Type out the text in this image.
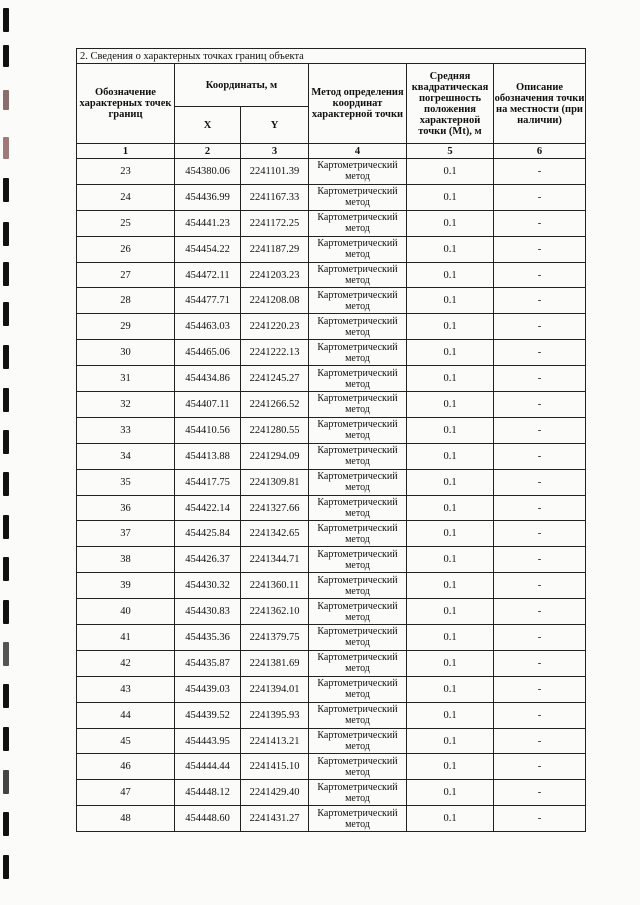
2. Сведения о характерных точках границ объекта					
Обозначение характерных точек границ	Координаты, м		Метод определения координат характерной точки	Средняя квадратическая погрешность положения характерной точки (Mt), м	Описание обозначения точки на местности (при наличии)
	X	Y			
1	2	3	4	5	6
23	454380.06	2241101.39	Картометрический метод	0.1	-
24	454436.99	2241167.33	Картометрический метод	0.1	-
25	454441.23	2241172.25	Картометрический метод	0.1	-
26	454454.22	2241187.29	Картометрический метод	0.1	-
27	454472.11	2241203.23	Картометрический метод	0.1	-
28	454477.71	2241208.08	Картометрический метод	0.1	-
29	454463.03	2241220.23	Картометрический метод	0.1	-
30	454465.06	2241222.13	Картометрический метод	0.1	-
31	454434.86	2241245.27	Картометрический метод	0.1	-
32	454407.11	2241266.52	Картометрический метод	0.1	-
33	454410.56	2241280.55	Картометрический метод	0.1	-
34	454413.88	2241294.09	Картометрический метод	0.1	-
35	454417.75	2241309.81	Картометрический метод	0.1	-
36	454422.14	2241327.66	Картометрический метод	0.1	-
37	454425.84	2241342.65	Картометрический метод	0.1	-
38	454426.37	2241344.71	Картометрический метод	0.1	-
39	454430.32	2241360.11	Картометрический метод	0.1	-
40	454430.83	2241362.10	Картометрический метод	0.1	-
41	454435.36	2241379.75	Картометрический метод	0.1	-
42	454435.87	2241381.69	Картометрический метод	0.1	-
43	454439.03	2241394.01	Картометрический метод	0.1	-
44	454439.52	2241395.93	Картометрический метод	0.1	-
45	454443.95	2241413.21	Картометрический метод	0.1	-
46	454444.44	2241415.10	Картометрический метод	0.1	-
47	454448.12	2241429.40	Картометрический метод	0.1	-
48	454448.60	2241431.27	Картометрический метод	0.1	-
